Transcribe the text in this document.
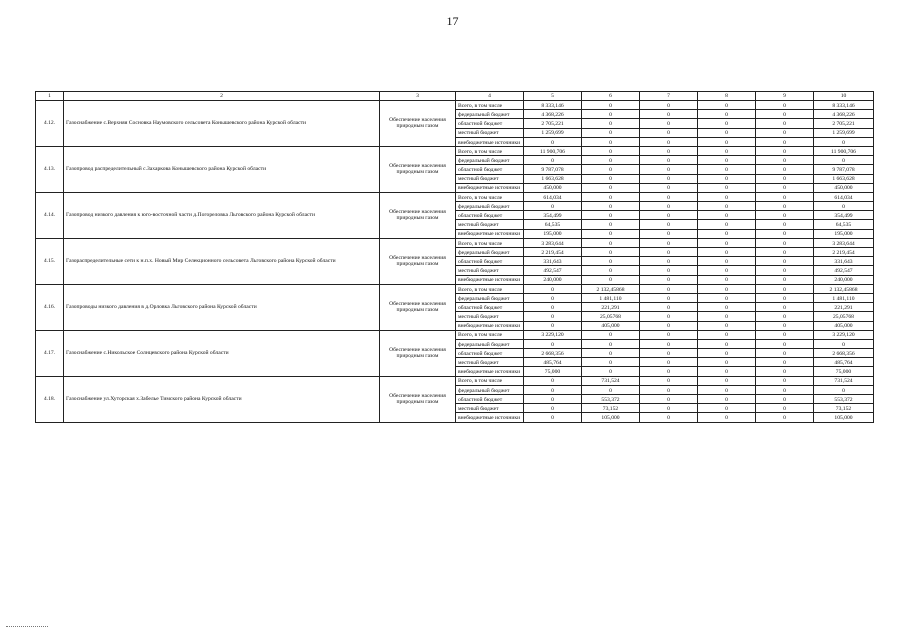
17
1	2	3	4	5	6	7	8	9	10
4.12.	Газоснабжение с.Верхняя Сосновка Наумовского сельсовета Конышевского района Курской области	Обеспечение населения природным газом	Всего, в том числе	8 333,146	0	0	0	0	8 333,146
			федеральный бюджет	4 368,226	0	0	0	0	4 368,226
			областной бюджет	2 705,221	0	0	0	0	2 705,221
			местный бюджет	1 259,699	0	0	0	0	1 259,699
			внебюджетные источники	0	0	0	0	0	0
4.13.	Газопровод распределительный с.Захаркова Конышевского района Курской области	Обеспечение населения природным газом	Всего, в том числе	11 900,706	0	0	0	0	11 900,706
			федеральный бюджет	0	0	0	0	0	0
			областной бюджет	9 787,078	0	0	0	0	9 787,078
			местный бюджет	1 663,628	0	0	0	0	1 663,628
			внебюджетные источники	450,000	0	0	0	0	450,000
4.14.	Газопровод низкого давления к юго-восточной части д.Погореловка Льговского района Курской области	Обеспечение населения природным газом	Всего, в том числе	614,034	0	0	0	0	614,034
			федеральный бюджет	0	0	0	0	0	0
			областной бюджет	354,499	0	0	0	0	354,499
			местный бюджет	64,535	0	0	0	0	64,535
			внебюджетные источники	195,000	0	0	0	0	195,000
4.15.	Газораспределительные сети к н.п.х. Новый Мир Селекционного сельсовета Льговского района Курской области	Обеспечение населения природным газом	Всего, в том числе	3 283,644	0	0	0	0	3 283,644
			федеральный бюджет	2 219,454	0	0	0	0	2 219,454
			областной бюджет	331,643	0	0	0	0	331,643
			местный бюджет	492,547	0	0	0	0	492,547
			внебюджетные источники	240,000	0	0	0	0	240,000
4.16.	Газопроводы низкого давления в д.Орловка Льговского района Курской области	Обеспечение населения природным газом	Всего, в том числе	0	2 132,45868	0	0	0	2 132,45868
			федеральный бюджет	0	1 481,110	0	0	0	1 481,110
			областной бюджет	0	221,291	0	0	0	221,291
			местный бюджет	0	25,05768	0	0	0	25,05768
			внебюджетные источники	0	405,000	0	0	0	405,000
4.17.	Газоснабжение с.Никольское Солнцевского района Курской области	Обеспечение населения природным газом	Всего, в том числе	3 229,120	0	0	0	0	3 229,120
			федеральный бюджет	0	0	0	0	0	0
			областной бюджет	2 668,356	0	0	0	0	2 668,356
			местный бюджет	485,764	0	0	0	0	485,764
			внебюджетные источники	75,000	0	0	0	0	75,000
4.18.	Газоснабжение ул.Хуторская х.Забелье Тимского района Курской области	Обеспечение населения природным газом	Всего, в том числе	0	731,524	0	0	0	731,524
			федеральный бюджет	0	0	0	0	0	0
			областной бюджет	0	553,372	0	0	0	553,372
			местный бюджет	0	73,152	0	0	0	73,152
			внебюджетные источники	0	105,000	0	0	0	105,000
